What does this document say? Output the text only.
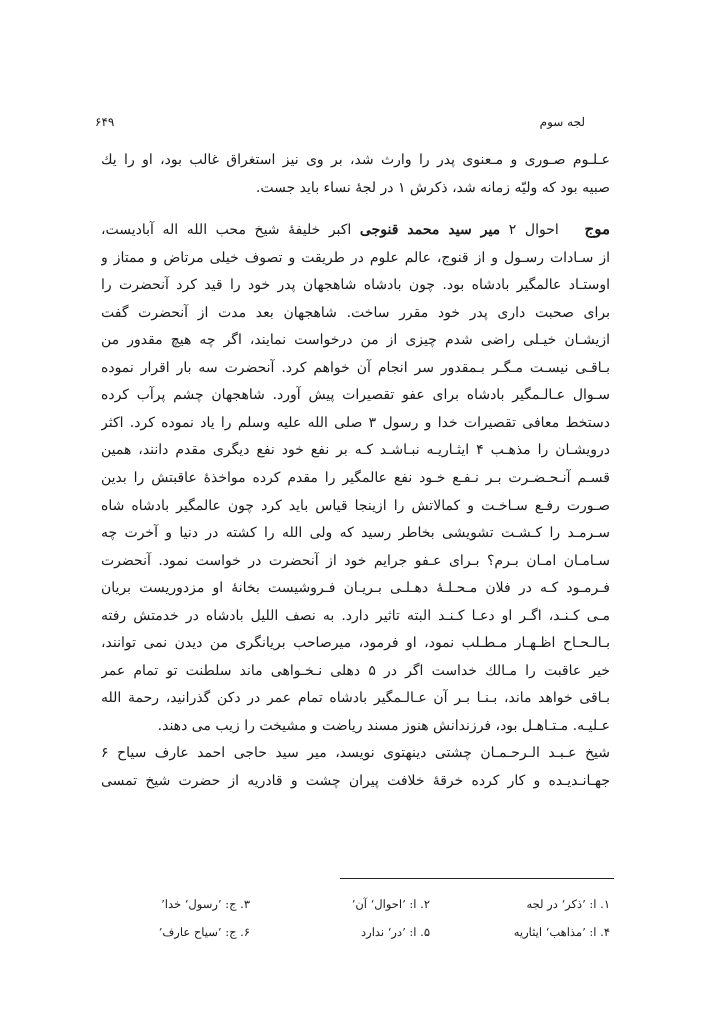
لجه سوم
۶۴۹
عـلـوم صـوری و مـعنوی پدر را وارث شد، بر وی نیز استغراق غالب بود، او را یك
صبیه بود که ولیّه زمانه شد، ذکرش ۱ در لجهٔ نساء باید جست.
موج   احوال ۲ میر سید محمد قنوجی اکبر خلیفهٔ شیخ محب الله اله آبادیست،
از سـادات رسـول و از قنوج، عالم علوم در طریقت و تصوف خیلی مرتاض و ممتاز و
اوستـاد عالمگیر بادشاه بود. چون بادشاه شاهجهان پدر خود را قید کرد آنحضرت را
برای صحبت داری پدر خود مقرر ساخت. شاهجهان بعد مدت از آنحضرت گفت
ازیشـان خیـلی راضی شدم چیزی از من درخواست نمایند، اگر چه هیچ مقدور من
بـاقـی نیسـت مـگـر بـمقدور سر انجام آن خواهم کرد. آنحضرت سه بار اقرار نموده
سـوال عـالـمگیر بادشاه برای عفو تقصیرات پیش آورد. شاهجهان چشم پرآب کرده
دستخط معافی تقصیرات خدا و رسول ۳ صلی الله علیه وسلم را یاد نموده کرد. اکثر
درویشـان را مذهـب ۴ ایثـاریـه نبـاشـد کـه بر نفع خود نفع دیگری مقدم دانند، همین
قسـم آنـحـضـرت بـر نـفـع خـود نفع عالمگیر را مقدم کرده مواخذهٔ عاقبتش را بدین
صـورت رفـع سـاخـت و کمالاتش را ازینجا قیاس باید کرد چون عالمگیر بادشاه شاه
سـرمـد را کـشـت تشویشی بخاطر رسید که ولی الله را کشته در دنیا و آخرت چه
سـامـان امـان بـرم؟ بـرای عـفو جرایم خود از آنحضرت در خواست نمود. آنحضرت
فـرمـود کـه در فلان مـحـلـهٔ دهـلـی بـریـان فـروشیست بخانهٔ او مزدوریست بریان
مـی کـنـد، اگـر او دعـا کـنـد البته تاثیر دارد. به نصف الليل بادشاه در خدمتش رفته
بـالـحـاح اظـهـار مـطـلب نمود، او فرمود، میرصاحب بریانگری من دیدن نمی توانند،
خیر عاقبت را مـالك خداست اگر در ۵ دهلی نـخـواهی ماند سلطنت تو تمام عمر
بـاقی خواهد ماند، بـنـا بـر آن عـالـمگیر بادشاه تمام عمر در دکن گذرانید، رحمة الله
عـلیـه. مـتـاهـل بود، فرزندانش هنوز مسند ریاضت و مشیخت را زیب می دهند.
شیخ عـبـد الـرحـمـان چشتی دینهتوی نویسد، میر سید حاجی احمد عارف سیاح ۶
جهـانـدیـده و کار کرده خرقهٔ خلافت پیران چشت و قادریه از حضرت شیخ تمسی
۱. ا: ’ذکر‘ در لجه
۲. ا: ’احوال‘ آن’
۳. ج: ’رسول‘ خدا’
۴. ا: ’مذاهب‘ ایثاریه
۵. ا: ’در‘ ندارد
۶. ج: ’سیاح عارف’
